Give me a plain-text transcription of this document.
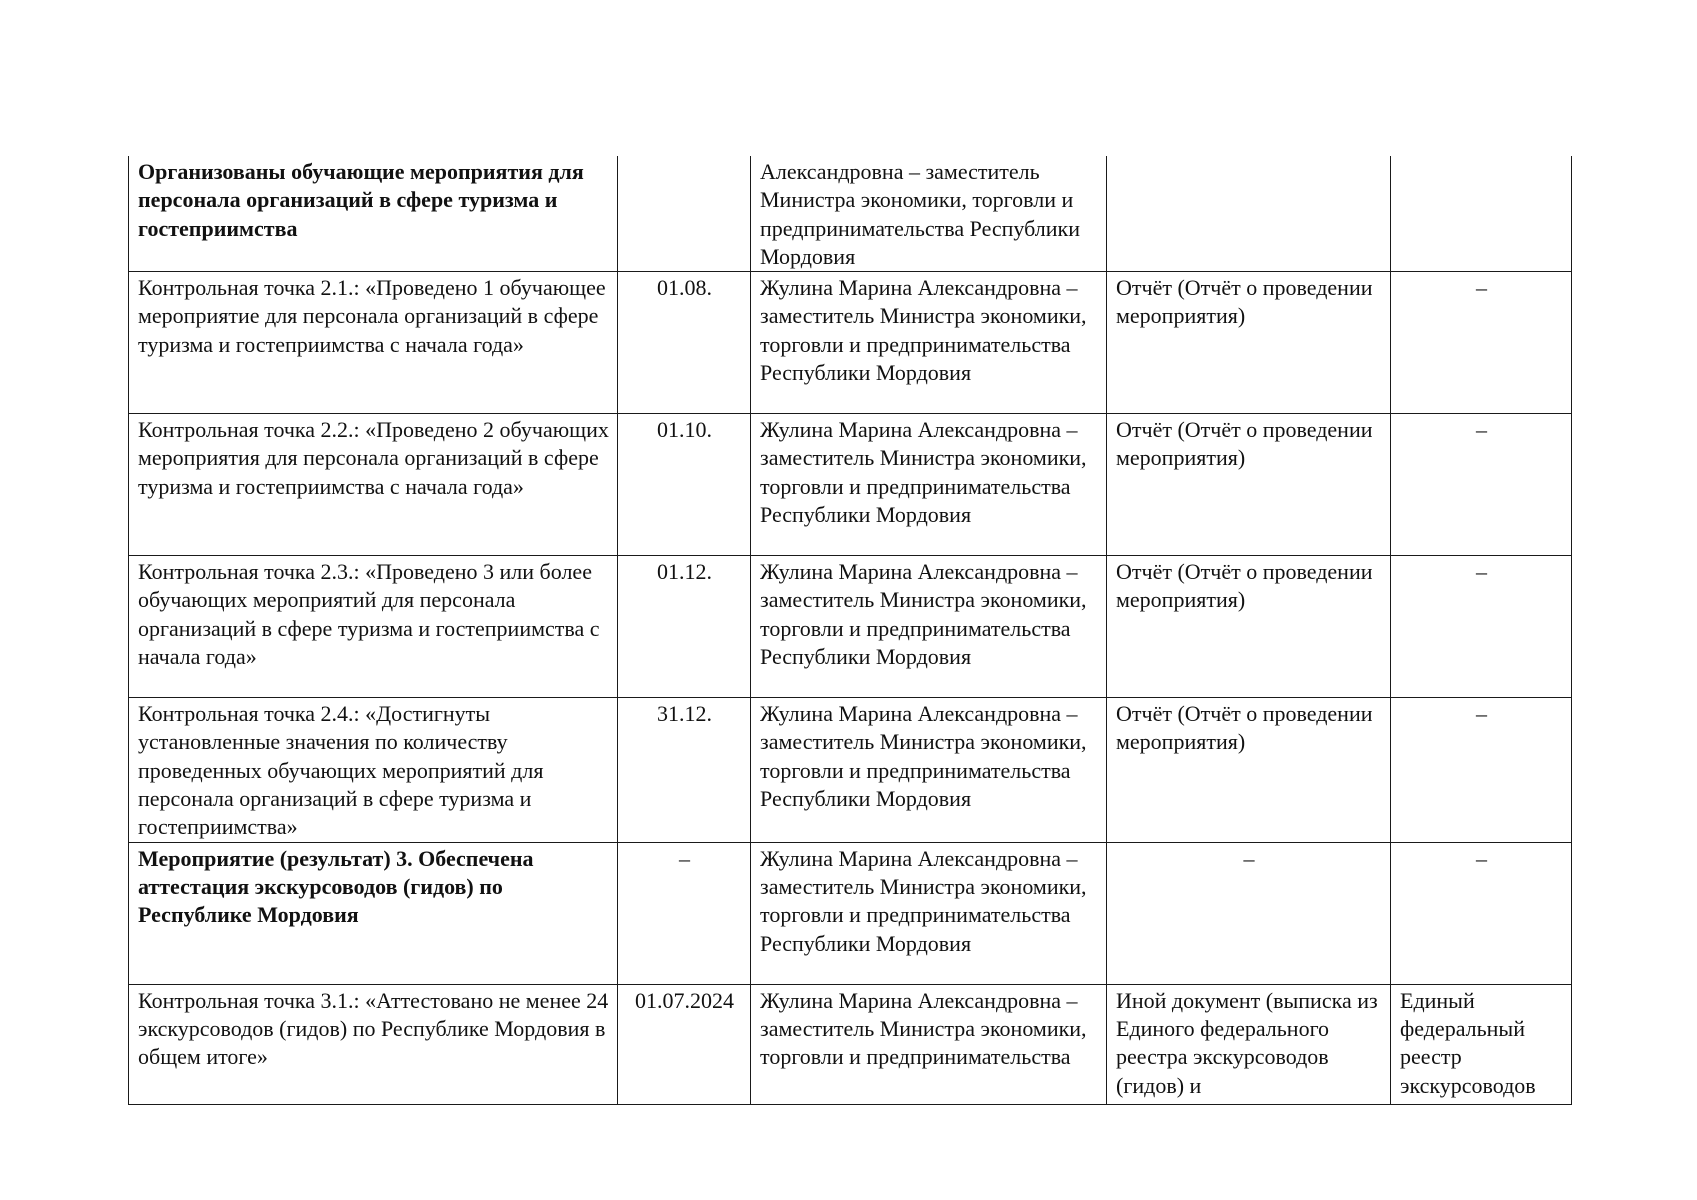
Организованы обучающие мероприятия для персонала организаций в сфере туризма и гостеприимства		Александровна – заместитель Министра экономики, торговли и предпринимательства Республики Мордовия		
Контрольная точка 2.1.: «Проведено 1 обучающее мероприятие для персонала организаций в сфере туризма и гостеприимства с начала года»	01.08.	Жулина Марина Александровна – заместитель Министра экономики, торговли и предпринимательства Республики Мордовия	Отчёт (Отчёт о проведении мероприятия)	–
Контрольная точка 2.2.: «Проведено 2 обучающих мероприятия для персонала организаций в сфере туризма и гостеприимства с начала года»	01.10.	Жулина Марина Александровна – заместитель Министра экономики, торговли и предпринимательства Республики Мордовия	Отчёт (Отчёт о проведении мероприятия)	–
Контрольная точка 2.3.: «Проведено 3 или более обучающих мероприятий для персонала организаций в сфере туризма и гостеприимства с начала года»	01.12.	Жулина Марина Александровна – заместитель Министра экономики, торговли и предпринимательства Республики Мордовия	Отчёт (Отчёт о проведении мероприятия)	–
Контрольная точка 2.4.: «Достигнуты установленные значения по количеству проведенных обучающих мероприятий для персонала организаций в сфере туризма и гостеприимства»	31.12.	Жулина Марина Александровна – заместитель Министра экономики, торговли и предпринимательства Республики Мордовия	Отчёт (Отчёт о проведении мероприятия)	–
Мероприятие (результат) 3. Обеспечена аттестация экскурсоводов (гидов) по Республике Мордовия	–	Жулина Марина Александровна – заместитель Министра экономики, торговли и предпринимательства Республики Мордовия	–	–
Контрольная точка 3.1.: «Аттестовано не менее 24 экскурсоводов (гидов) по Республике Мордовия в общем итоге»	01.07.2024	Жулина Марина Александровна – заместитель Министра экономики, торговли и предпринимательства	Иной документ (выписка из Единого федерального реестра экскурсоводов (гидов) и	Единый федеральный реестр экскурсоводов
